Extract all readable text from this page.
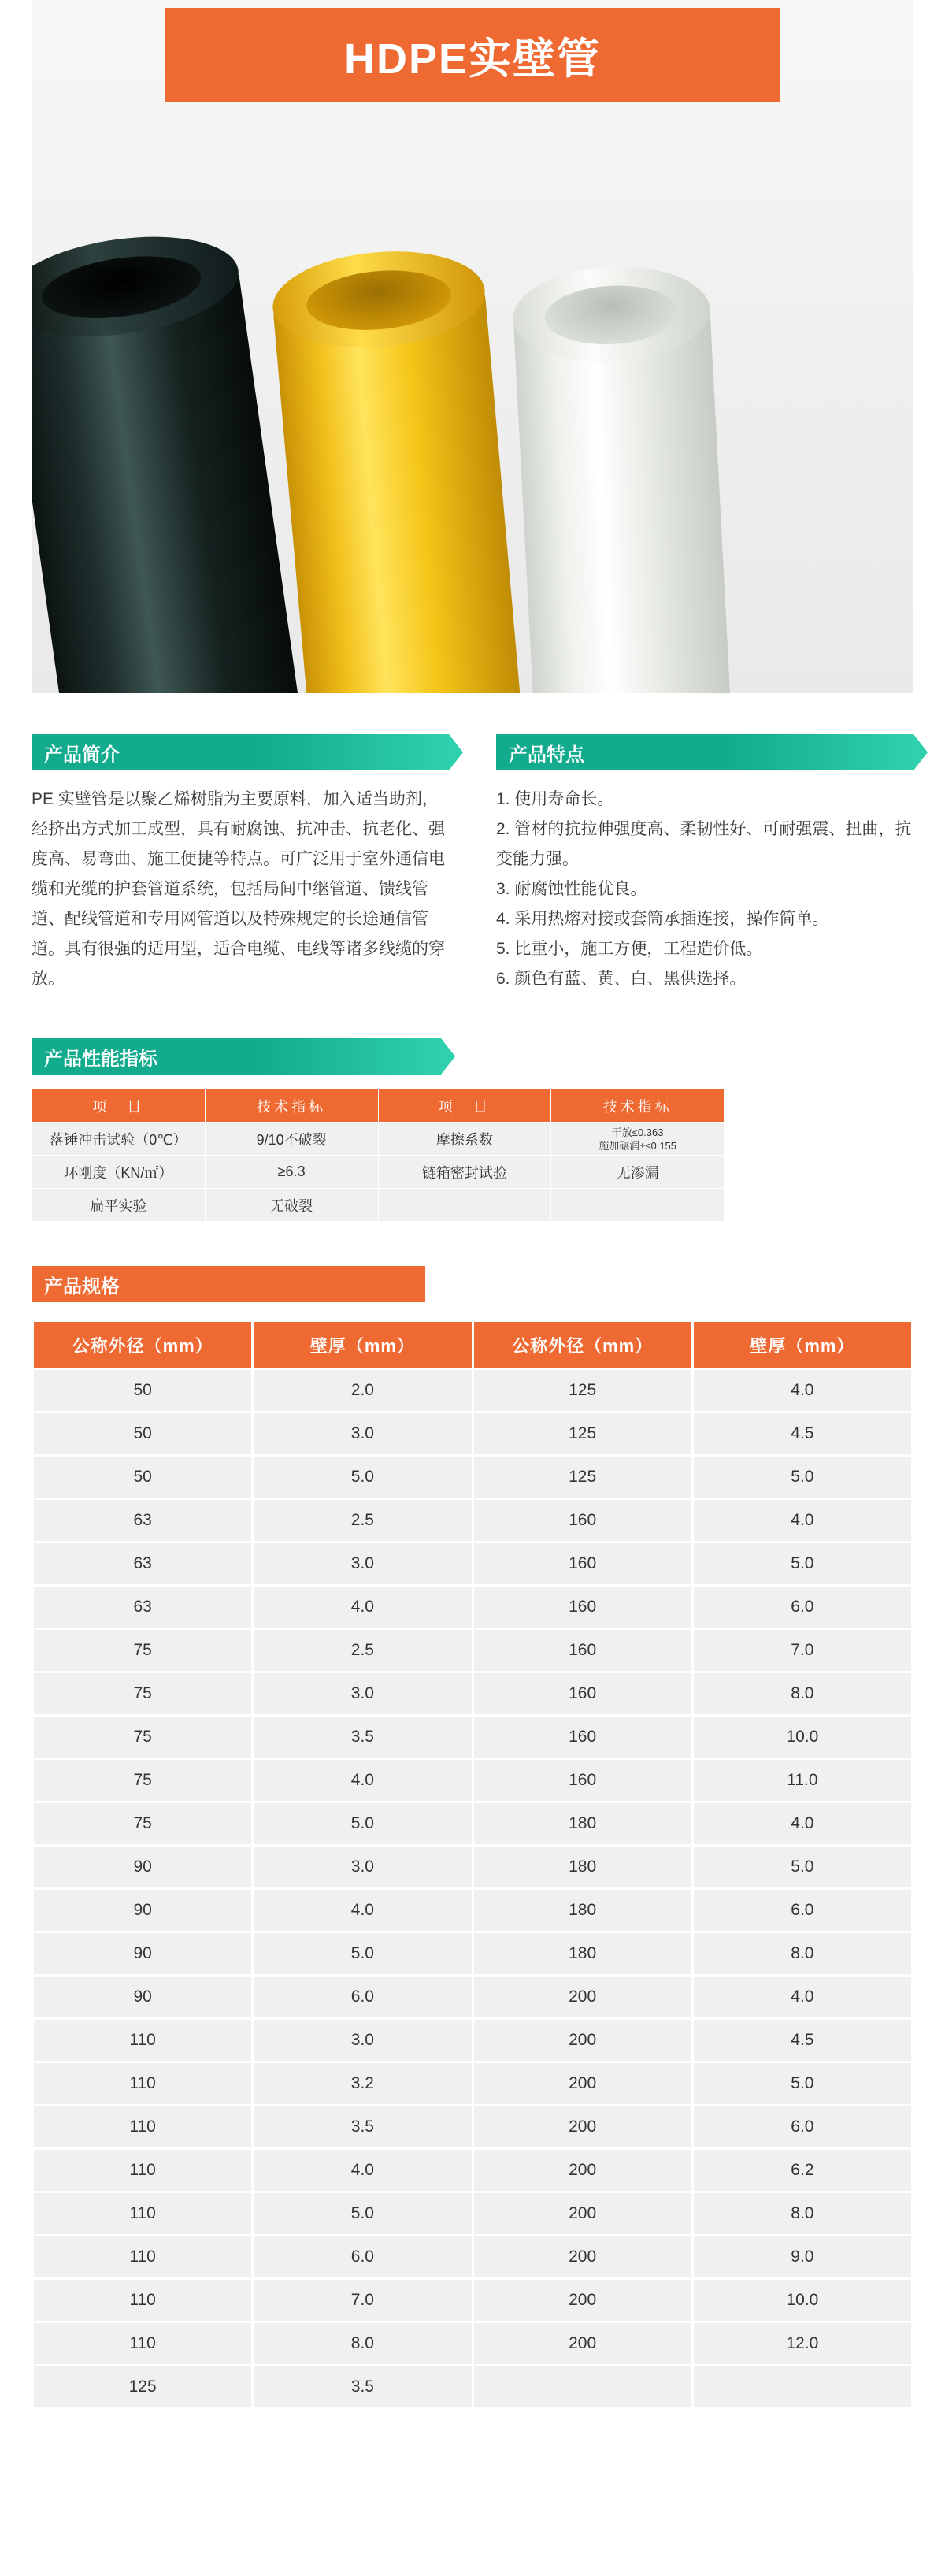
HDPE实壁管
产品简介

PE 实壁管是以聚乙烯树脂为主要原料，加入适当助剂，经挤出方式加工成型，具有耐腐蚀、抗冲击、抗老化、强度高、易弯曲、施工便捷等特点。可广泛用于室外通信电缆和光缆的护套管道系统，包括局间中继管道、馈线管道、配线管道和专用网管道以及特殊规定的长途通信管道。具有很强的适用型，适合电缆、电线等诸多线缆的穿放。

产品特点
1. 使用寿命长。
2. 管材的抗拉伸强度高、柔韧性好、可耐强震、扭曲，抗变能力强。
3. 耐腐蚀性能优良。
4. 采用热熔对接或套筒承插连接，操作简单。
5. 比重小，施工方便，工程造价低。
6. 颜色有蓝、黄、白、黑供选择。
产品性能指标
项　目	技术指标	项　目	技术指标
落锤冲击试验（0℃）	9/10不破裂	摩擦系数	干放≤0.363
施加碾润±≤0.155
环刚度（KN/㎡）	≥6.3	链箱密封试验	无渗漏
扁平实验	无破裂		
产品规格
公称外径（mm）	壁厚（mm）	公称外径（mm）	壁厚（mm）
50	2.0	125	4.0
50	3.0	125	4.5
50	5.0	125	5.0
63	2.5	160	4.0
63	3.0	160	5.0
63	4.0	160	6.0
75	2.5	160	7.0
75	3.0	160	8.0
75	3.5	160	10.0
75	4.0	160	11.0
75	5.0	180	4.0
90	3.0	180	5.0
90	4.0	180	6.0
90	5.0	180	8.0
90	6.0	200	4.0
110	3.0	200	4.5
110	3.2	200	5.0
110	3.5	200	6.0
110	4.0	200	6.2
110	5.0	200	8.0
110	6.0	200	9.0
110	7.0	200	10.0
110	8.0	200	12.0
125	3.5		
